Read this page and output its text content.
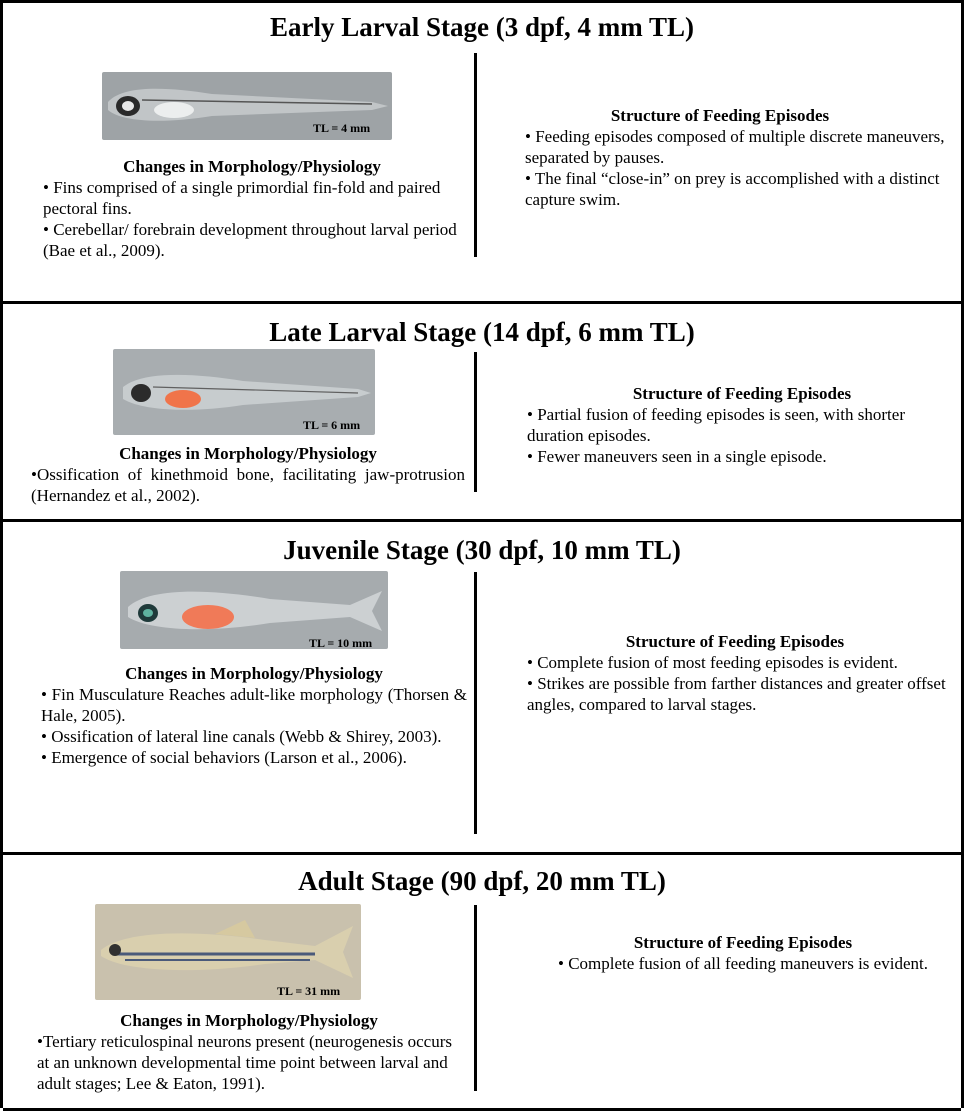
Early Larval Stage (3 dpf, 4 mm TL)
TL = 4 mm
Changes in Morphology/Physiology

• Fins comprised of a single primordial fin-fold and paired pectoral fins.

• Cerebellar/ forebrain development throughout larval period (Bae et al., 2009).

Structure of Feeding Episodes

• Feeding episodes composed of multiple discrete maneuvers, separated by pauses.

• The final “close-in” on prey is accomplished with a distinct capture swim.

Late Larval Stage (14 dpf, 6 mm TL)
TL = 6 mm
Changes in Morphology/Physiology

•Ossification of kinethmoid bone, facilitating jaw-protrusion (Hernandez et al., 2002).

Structure of Feeding Episodes

• Partial fusion of feeding episodes is seen, with shorter duration episodes.

• Fewer maneuvers seen in a single episode.

Juvenile Stage (30 dpf, 10 mm TL)
TL = 10 mm
Changes in Morphology/Physiology

• Fin Musculature Reaches adult-like morphology (Thorsen & Hale, 2005).

• Ossification of lateral line canals (Webb & Shirey, 2003).

• Emergence of social behaviors (Larson et al., 2006).

Structure of Feeding Episodes

• Complete fusion of most feeding episodes is evident.

• Strikes are possible from farther distances and greater offset angles, compared to larval stages.

Adult Stage (90 dpf, 20 mm TL)
TL = 31 mm
Changes in Morphology/Physiology

•Tertiary reticulospinal neurons present (neurogenesis occurs at an unknown developmental time point between larval and adult stages; Lee & Eaton, 1991).

Structure of Feeding Episodes

• Complete fusion of all feeding maneuvers is evident.
